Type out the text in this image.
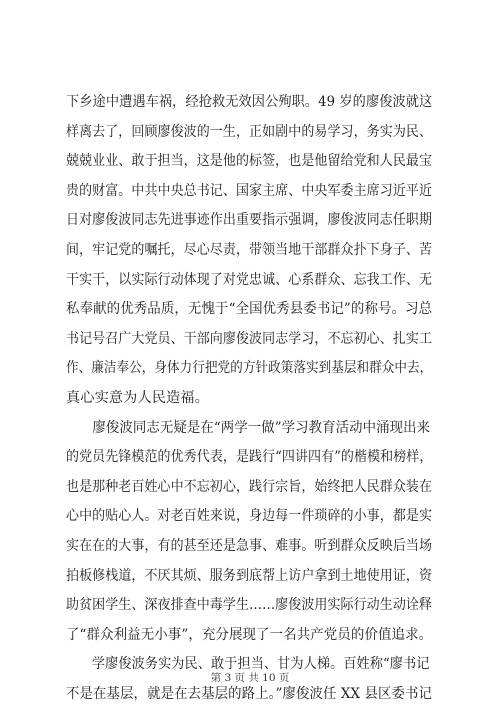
下乡途中遭遇车祸，经抢救无效因公殉职。49 岁的廖俊波就这
样离去了，回顾廖俊波的一生，正如剧中的易学习，务实为民、
兢兢业业、敢于担当，这是他的标签，也是他留给党和人民最宝
贵的财富。中共中央总书记、国家主席、中央军委主席习近平近
日对廖俊波同志先进事迹作出重要指示强调，廖俊波同志任职期
间，牢记党的嘱托，尽心尽责，带领当地干部群众扑下身子、苦
干实干，以实际行动体现了对党忠诚、心系群众、忘我工作、无
私奉献的优秀品质，无愧于“全国优秀县委书记”的称号。习总
书记号召广大党员、干部向廖俊波同志学习，不忘初心、扎实工
作、廉洁奉公，身体力行把党的方针政策落实到基层和群众中去，
真心实意为人民造福。
廖俊波同志无疑是在“两学一做”学习教育活动中涌现出来
的党员先锋模范的优秀代表，是践行“四讲四有”的楷模和榜样，
也是那种老百姓心中不忘初心，践行宗旨，始终把人民群众装在
心中的贴心人。对老百姓来说，身边每一件琐碎的小事，都是实
实在在的大事，有的甚至还是急事、难事。听到群众反映后当场
拍板修栈道，不厌其烦、服务到底帮上访户拿到土地使用证，资
助贫困学生、深夜排查中毒学生……廖俊波用实际行动生动诠释
了“群众利益无小事”，充分展现了一名共产党员的价值追求。
学廖俊波务实为民、敢于担当、甘为人梯。百姓称“廖书记
不是在基层，就是在去基层的路上。”廖俊波任 XX 县区委书记
第 3 页 共 10 页
